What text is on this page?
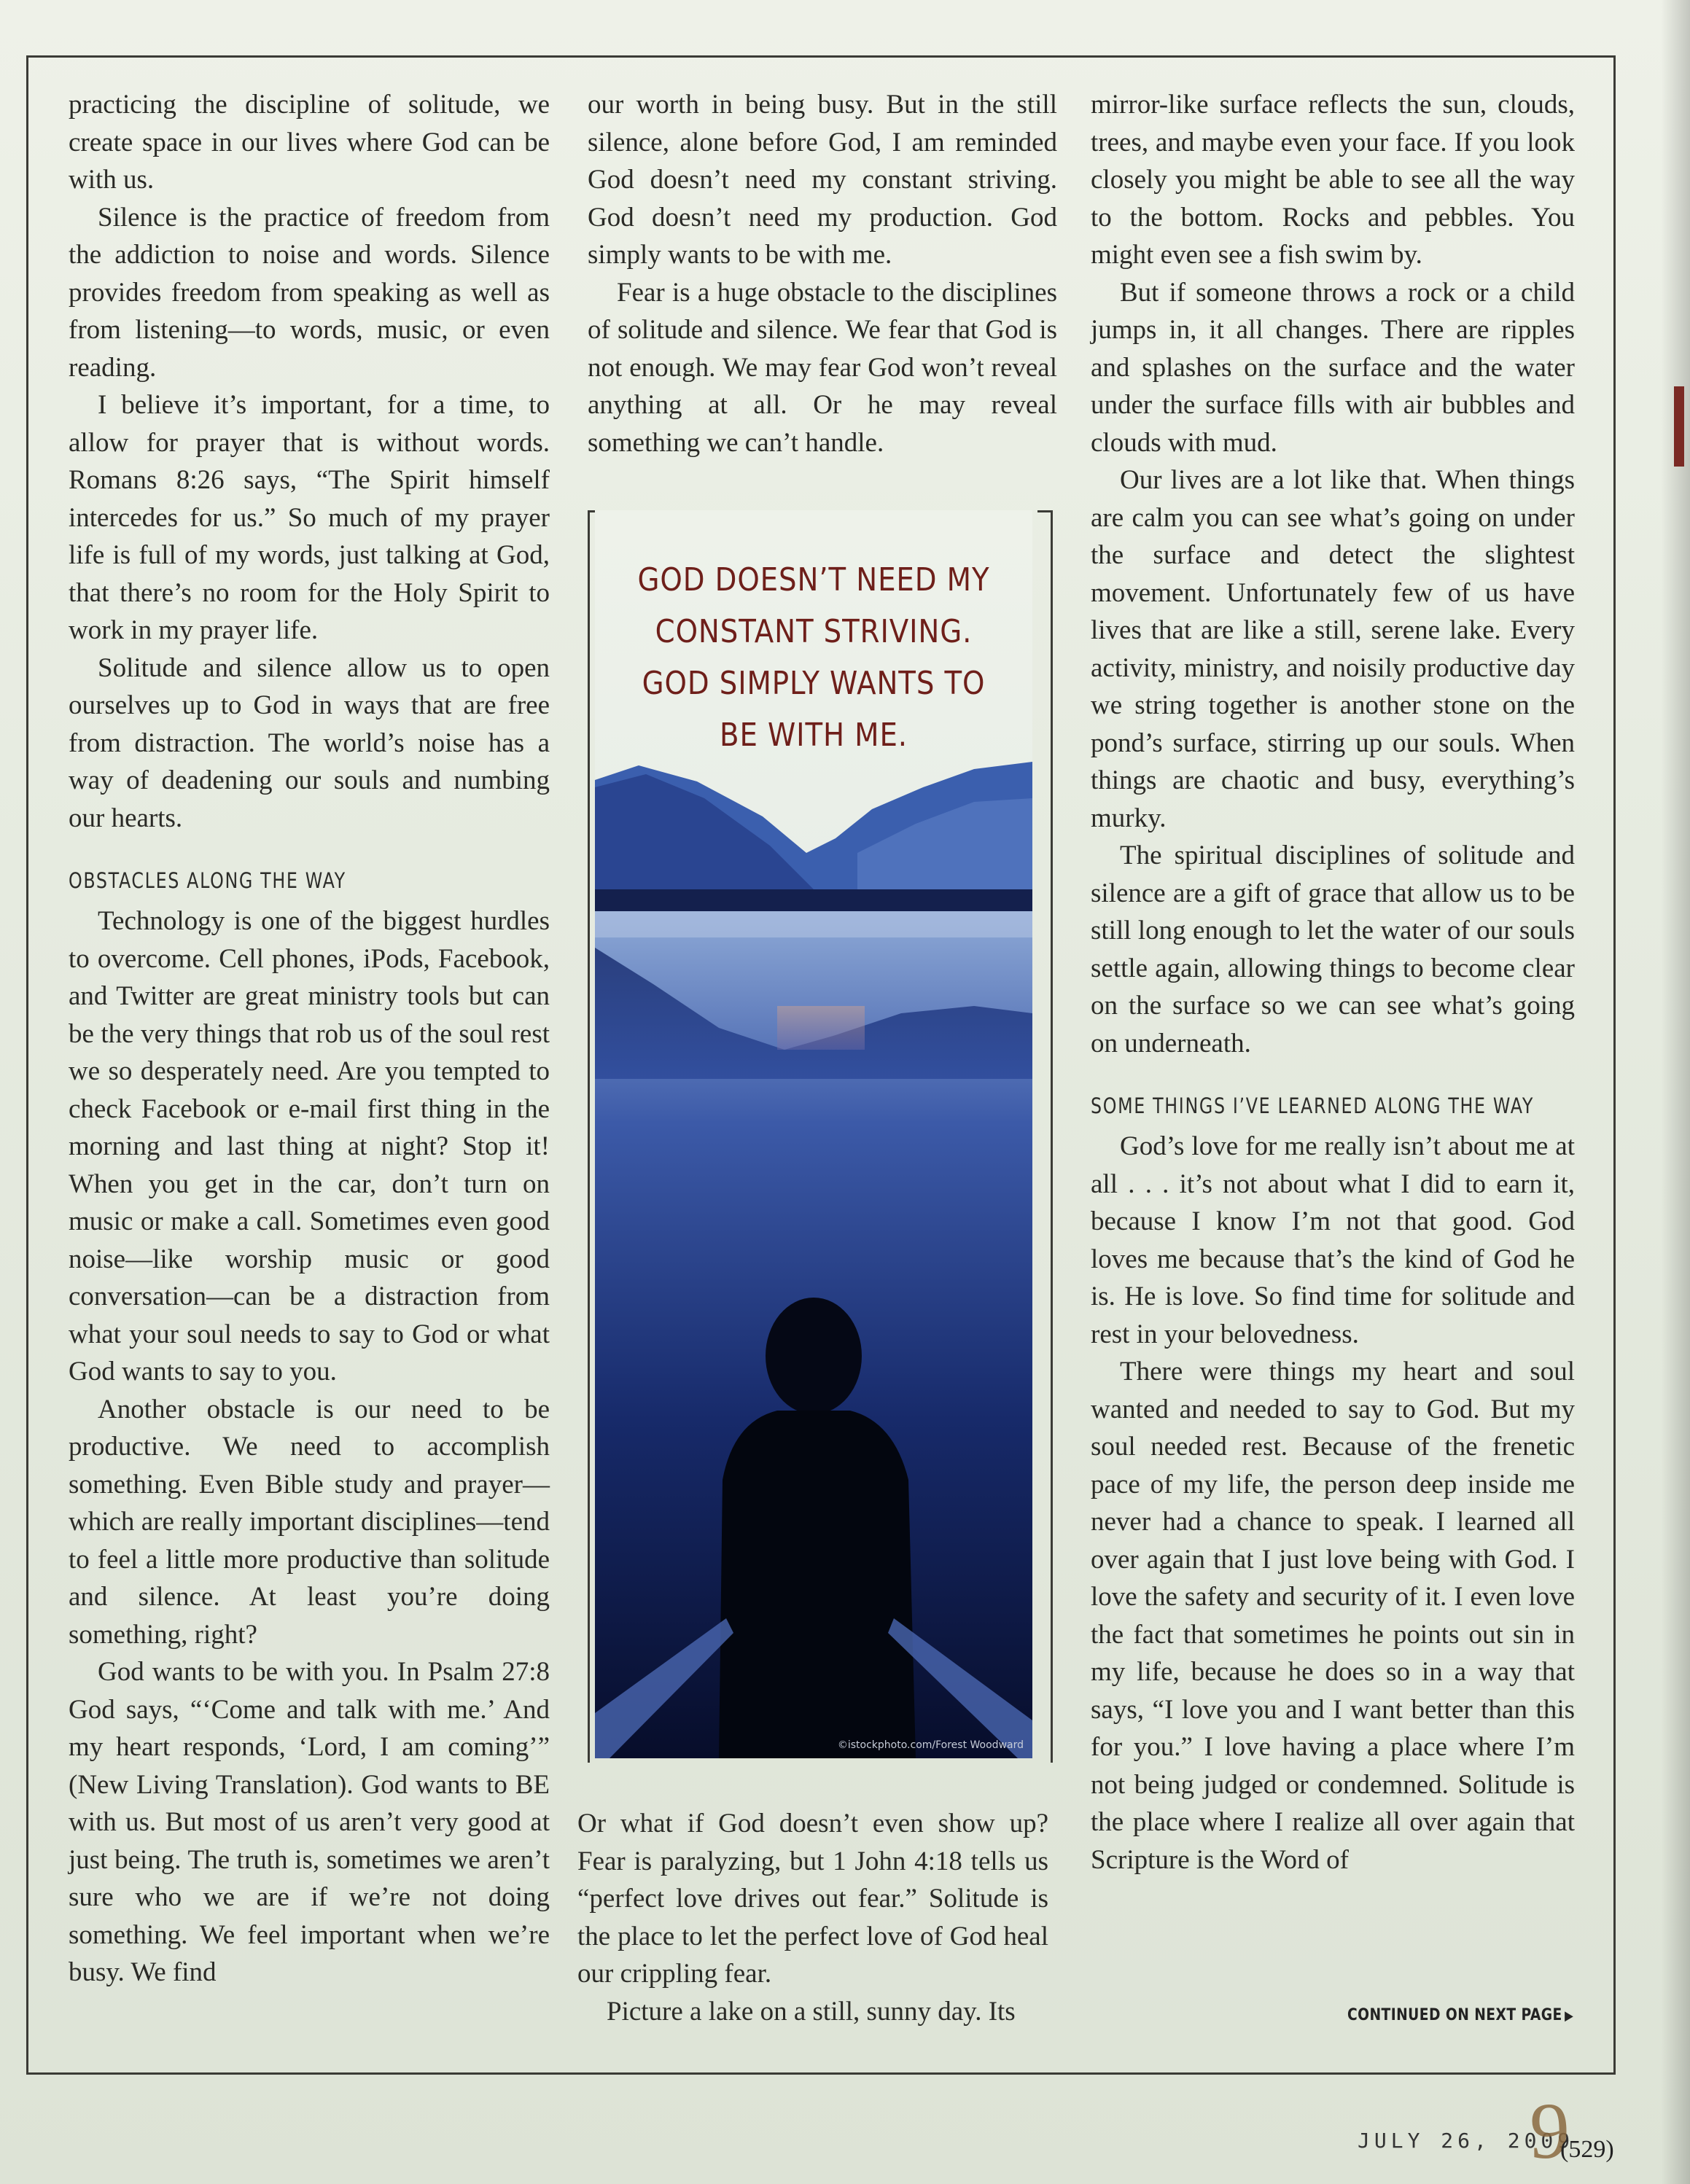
practicing the discipline of solitude, we create space in our lives where God can be with us.

Silence is the practice of freedom from the addiction to noise and words. Silence provides freedom from speaking as well as from listening—to words, music, or even reading.

I believe it’s important, for a time, to allow for prayer that is without words. Romans 8:26 says, “The Spirit himself intercedes for us.” So much of my prayer life is full of my words, just talking at God, that there’s no room for the Holy Spirit to work in my prayer life.

Solitude and silence allow us to open ourselves up to God in ways that are free from distraction. The world’s noise has a way of deadening our souls and numbing our hearts.

OBSTACLES ALONG THE WAY

Technology is one of the biggest hurdles to overcome. Cell phones, iPods, Facebook, and Twitter are great ministry tools but can be the very things that rob us of the soul rest we so desperately need. Are you tempted to check Facebook or e-mail first thing in the morning and last thing at night? Stop it! When you get in the car, don’t turn on music or make a call. Sometimes even good noise—like worship music or good conversation—can be a distraction from what your soul needs to say to God or what God wants to say to you.

Another obstacle is our need to be productive. We need to accomplish something. Even Bible study and prayer—which are really important disciplines—tend to feel a little more productive than solitude and silence. At least you’re doing something, right?

God wants to be with you. In Psalm 27:8 God says, “‘Come and talk with me.’ And my heart responds, ‘Lord, I am coming’” (New Living Translation). God wants to BE with us. But most of us aren’t very good at just being. The truth is, sometimes we aren’t sure who we are if we’re not doing something. We feel important when we’re busy. We find

our worth in being busy. But in the still silence, alone before God, I am reminded God doesn’t need my constant striving. God doesn’t need my production. God simply wants to be with me.

Fear is a huge obstacle to the disciplines of solitude and silence. We fear that God is not enough. We may fear God won’t reveal anything at all. Or he may reveal something we can’t handle.

GOD DOESN’T NEED MY
CONSTANT STRIVING.
GOD SIMPLY WANTS TO
BE WITH ME.
©istockphoto.com/Forest Woodward

Or what if God doesn’t even show up? Fear is paralyzing, but 1 John 4:18 tells us “perfect love drives out fear.” Solitude is the place to let the perfect love of God heal our crippling fear.

Picture a lake on a still, sunny day. Its

mirror-like surface reflects the sun, clouds, trees, and maybe even your face. If you look closely you might be able to see all the way to the bottom. Rocks and pebbles. You might even see a fish swim by.

But if someone throws a rock or a child jumps in, it all changes. There are ripples and splashes on the surface and the water under the surface fills with air bubbles and clouds with mud.

Our lives are a lot like that. When things are calm you can see what’s going on under the surface and detect the slightest movement. Unfortunately few of us have lives that are like a still, serene lake. Every activity, ministry, and noisily productive day we string together is another stone on the pond’s surface, stirring up our souls. When things are chaotic and busy, everything’s murky.

The spiritual disciplines of solitude and silence are a gift of grace that allow us to be still long enough to let the water of our souls settle again, allowing things to become clear on the surface so we can see what’s going on underneath.

SOME THINGS I’VE LEARNED ALONG THE WAY

God’s love for me really isn’t about me at all . . . it’s not about what I did to earn it, because I know I’m not that good. God loves me because that’s the kind of God he is. He is love. So find time for solitude and rest in your belovedness.

There were things my heart and soul wanted and needed to say to God. But my soul needed rest. Because of the frenetic pace of my life, the person deep inside me never had a chance to speak. I learned all over again that I just love being with God. I love the safety and security of it. I even love the fact that sometimes he points out sin in my life, because he does so in a way that says, “I love you and I want better than this for you.” I love having a place where I’m not being judged or condemned. Solitude is the place where I realize all over again that Scripture is the Word of

CONTINUED ON NEXT PAGE ▶
JULY 26, 2009
9
(529)
